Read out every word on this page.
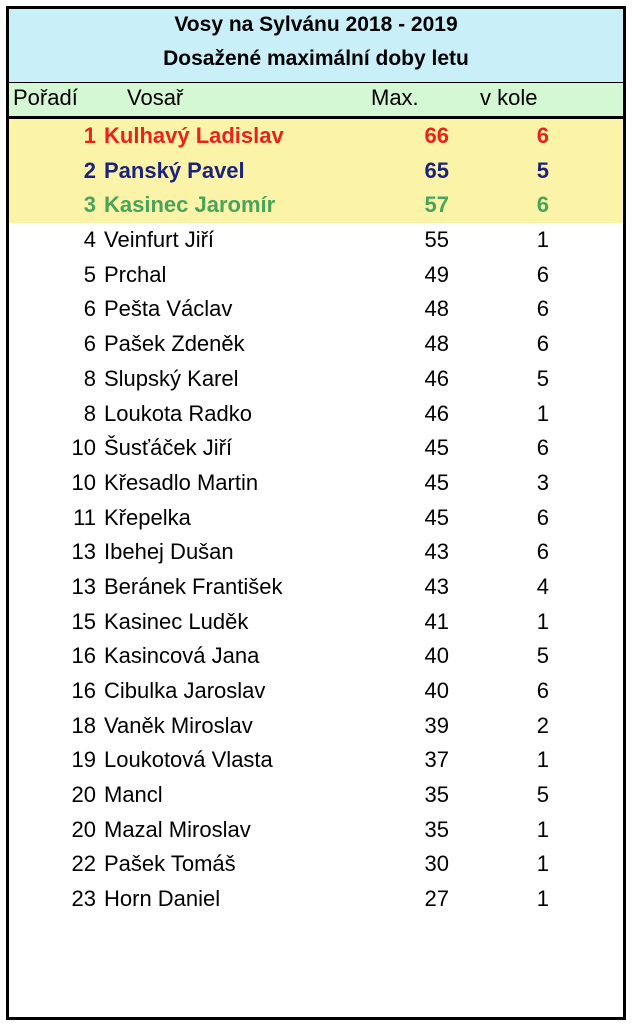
Vosy na Sylvánu 2018 - 2019
Dosažené maximální doby letu
Pořadí Vosař	Max.	v kole
1 Kulhavý Ladislav	66	6
2 Panský Pavel	65	5
3 Kasinec Jaromír	57	6
4 Veinfurt Jiří	55	1
5 Prchal	49	6
6 Pešta Václav	48	6
6 Pašek Zdeněk	48	6
8 Slupský Karel	46	5
8 Loukota Radko	46	1
10 Šusťáček Jiří	45	6
10 Křesadlo Martin	45	3
11 Křepelka	45	6
13 Ibehej Dušan	43	6
13 Beránek František	43	4
15 Kasinec Luděk	41	1
16 Kasincová Jana	40	5
16 Cibulka Jaroslav	40	6
18 Vaněk Miroslav	39	2
19 Loukotová Vlasta	37	1
20 Mancl	35	5
20 Mazal Miroslav	35	1
22 Pašek Tomáš	30	1
23 Horn Daniel	27	1
